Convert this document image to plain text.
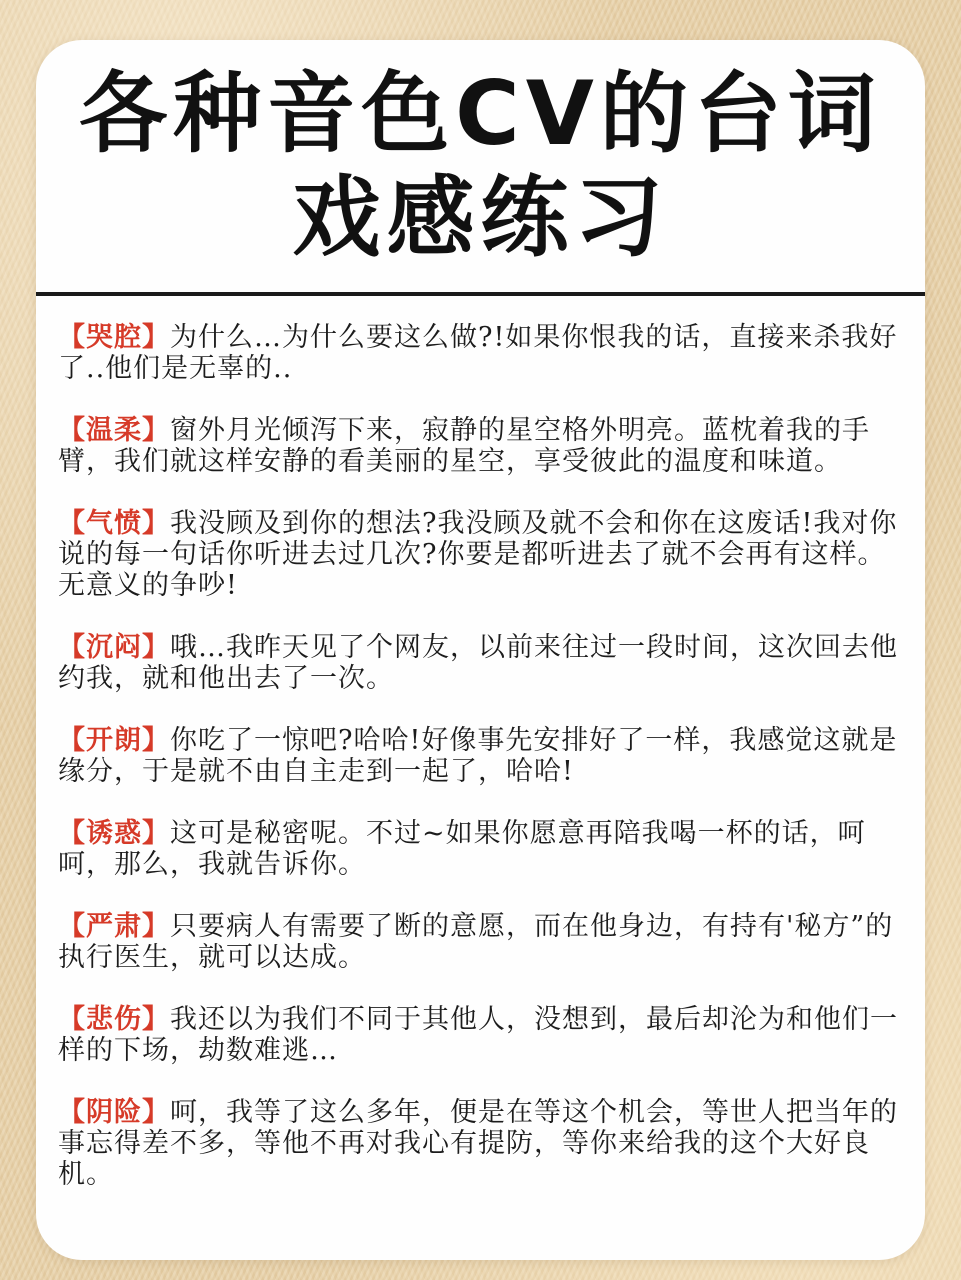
各种音色CV的台词
戏感练习

【哭腔】为什么…为什么要这么做?!如果你恨我的话，直接来杀我好了..他们是无辜的..

【温柔】窗外月光倾泻下来，寂静的星空格外明亮。蓝枕着我的手臂，我们就这样安静的看美丽的星空，享受彼此的温度和味道。

【气愤】我没顾及到你的想法?我没顾及就不会和你在这废话!我对你说的每一句话你听进去过几次?你要是都听进去了就不会再有这样。无意义的争吵!

【沉闷】哦…我昨天见了个网友，以前来往过一段时间，这次回去他约我，就和他出去了一次。

【开朗】你吃了一惊吧?哈哈!好像事先安排好了一样，我感觉这就是缘分，于是就不由自主走到一起了，哈哈!

【诱惑】这可是秘密呢。不过~如果你愿意再陪我喝一杯的话，呵呵，那么，我就告诉你。

【严肃】只要病人有需要了断的意愿，而在他身边，有持有'秘方”的执行医生，就可以达成。

【悲伤】我还以为我们不同于其他人，没想到，最后却沦为和他们一样的下场，劫数难逃…

【阴险】呵，我等了这么多年，便是在等这个机会，等世人把当年的事忘得差不多，等他不再对我心有提防，等你来给我的这个大好良机。
